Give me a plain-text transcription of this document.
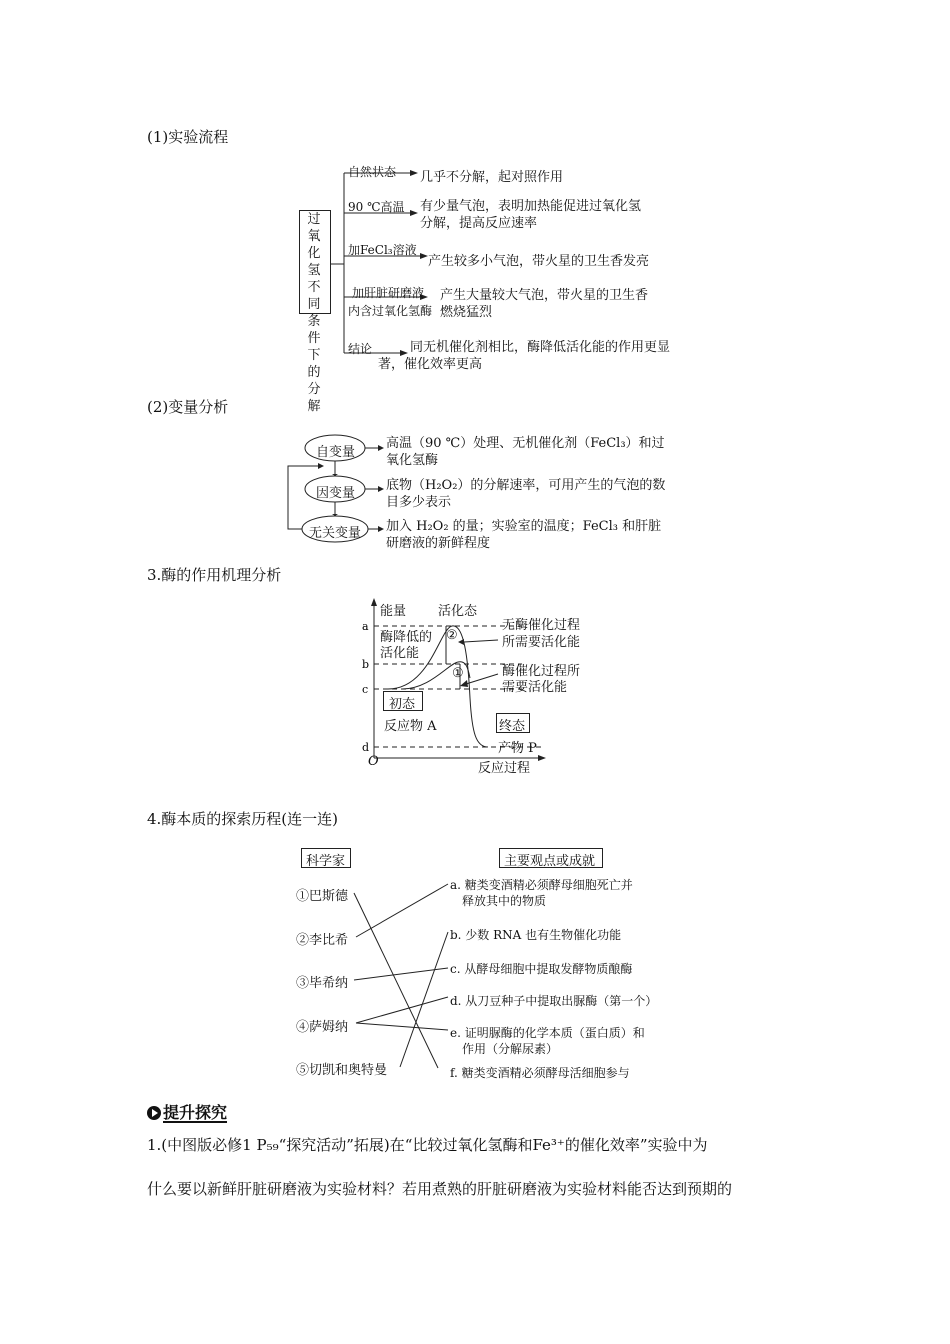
(1)实验流程
过
氧
化
氢
不
同
条
件
下
的
分
解
自然状态 几乎不分解，起对照作用
90 ℃高温 有少量气泡，表明加热能促进过氧化氢
分解，提高反应速率
加FeCl₃溶液
产生较多小气泡，带火星的卫生香发亮
加肝脏研磨液
内含过氧化氢酶
产生大量较大气泡，带火星的卫生香
燃烧猛烈
结论	同无机催化剂相比，酶降低活化能的作用更显
著，催化效率更高
(2)变量分析
自变量
因变量
无关变量
高温（90 ℃）处理、无机催化剂（FeCl₃）和过
氧化氢酶
底物（H₂O₂）的分解速率，可用产生的气泡的数
目多少表示
加入 H₂O₂ 的量；实验室的温度；FeCl₃ 和肝脏
研磨液的新鲜程度
3.酶的作用机理分析
a
b
c
d
能量 活化态
酶降低的
活化能
②
①
无酶催化过程
所需要活化能
酶催化过程所
需要活化能
初态
反应物 A	终态
产物 P
O	反应过程
4.酶本质的探索历程(连一连)
科学家	主要观点或成就
①巴斯德
②李比希
③毕希纳
④萨姆纳
⑤切凯和奥特曼
a. 糖类变酒精必须酵母细胞死亡并
释放其中的物质
b. 少数 RNA 也有生物催化功能
c. 从酵母细胞中提取发酵物质酿酶
d. 从刀豆种子中提取出脲酶（第一个）
e. 证明脲酶的化学本质（蛋白质）和
作用（分解尿素）
f. 糖类变酒精必须酵母活细胞参与
提升探究
1.(中图版必修1 P₅₉“探究活动”拓展)在“比较过氧化氢酶和Fe³⁺的催化效率”实验中为
什么要以新鲜肝脏研磨液为实验材料？若用煮熟的肝脏研磨液为实验材料能否达到预期的
